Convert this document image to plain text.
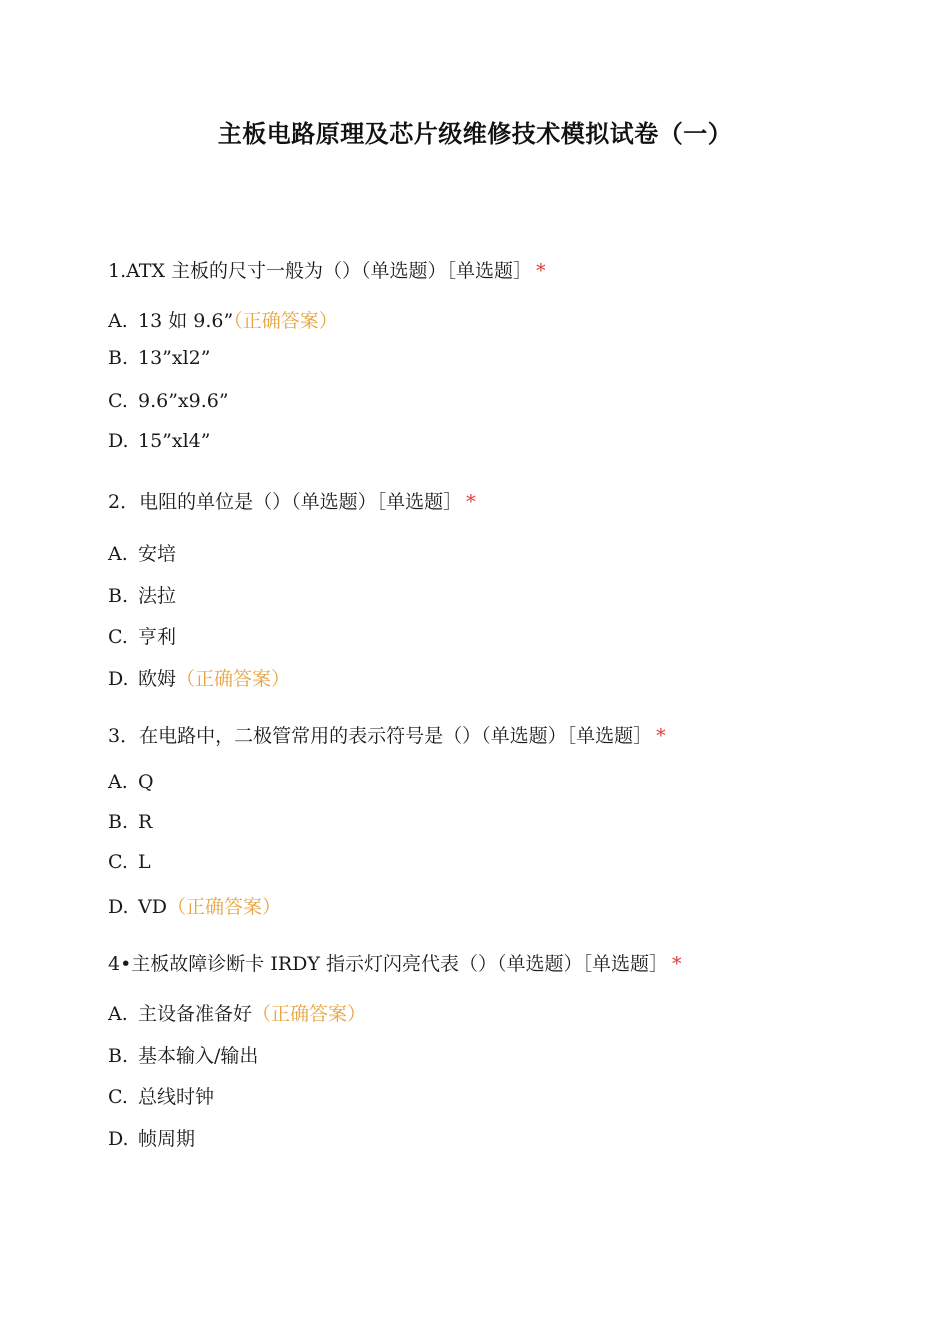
主板电路原理及芯片级维修技术模拟试卷（一）
1.ATX 主板的尺寸一般为（）（单选题）［单选题］ *
A. 13 如 9.6”（正确答案）
B. 13”xl2”
C. 9.6”x9.6”
D. 15”xl4”
2．电阻的单位是（）（单选题）［单选题］ *
A. 安培
B. 法拉
C. 亨利
D. 欧姆（正确答案）
3．在电路中，二极管常用的表示符号是（）（单选题）［单选题］ *
A. Q
B. R
C. L
D. VD（正确答案）
4•主板故障诊断卡 IRDY 指示灯闪亮代表（）（单选题）［单选题］ *
A. 主设备准备好（正确答案）
B. 基本输入/输出
C. 总线时钟
D. 帧周期
